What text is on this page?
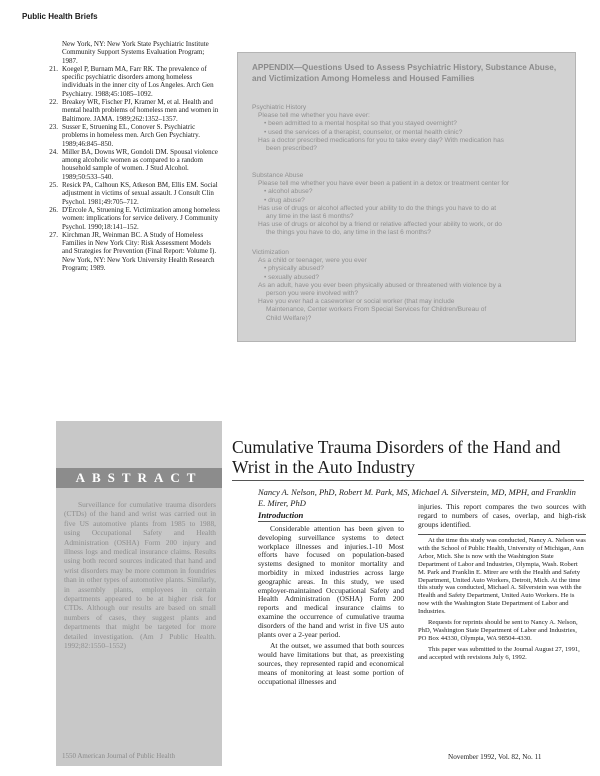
Public Health Briefs
New York, NY: New York State Psychiatric Institute Community Support Systems Evaluation Program; 1987.
21. Koegel P, Burnam MA, Farr RK. The prevalence of specific psychiatric disorders among homeless individuals in the inner city of Los Angeles. Arch Gen Psychiatry. 1988;45:1085–1092.
22. Breakey WR, Fischer PJ, Kramer M, et al. Health and mental health problems of homeless men and women in Baltimore. JAMA. 1989;262:1352–1357.
23. Susser E, Struening EL, Conover S. Psychiatric problems in homeless men. Arch Gen Psychiatry. 1989;46:845–850.
24. Miller BA, Downs WR, Gondoli DM. Spousal violence among alcoholic women as compared to a random household sample of women. J Stud Alcohol. 1989;50:533–540.
25. Resick PA, Calhoun KS, Atkeson BM, Ellis EM. Social adjustment in victims of sexual assault. J Consult Clin Psychol. 1981;49:705–712.
26. D'Ercole A, Struening E. Victimization among homeless women: implications for service delivery. J Community Psychol. 1990;18:141–152.
27. Kirchman JR, Weinman BC. A Study of Homeless Families in New York City: Risk Assessment Models and Strategies for Prevention (Final Report: Volume I). New York, NY: New York University Health Research Program; 1989.
APPENDIX—Questions Used to Assess Psychiatric History, Substance Abuse, and Victimization Among Homeless and Housed Families
Psychiatric History
Please tell me whether you have ever:
• been admitted to a mental hospital so that you stayed overnight?
• used the services of a therapist, counselor, or mental health clinic?
Has a doctor prescribed medications for you to take every day? With medication has
been prescribed?
Substance Abuse
Please tell me whether you have ever been a patient in a detox or treatment center for
• alcohol abuse?
• drug abuse?
Has use of drugs or alcohol affected your ability to do the things you have to do at
any time in the last 6 months?
Has use of drugs or alcohol by a friend or relative affected your ability to work, or do
the things you have to do, any time in the last 6 months?
Victimization
As a child or teenager, were you ever
• physically abused?
• sexually abused?
As an adult, have you ever been physically abused or threatened with violence by a
person you were involved with?
Have you ever had a caseworker or social worker (that may include
Maintenance, Center workers From Special Services for Children/Bureau of
Child Welfare)?
ABSTRACT
Surveillance for cumulative trauma disorders (CTDs) of the hand and wrist was carried out in five US automotive plants from 1985 to 1988, using Occupational Safety and Health Administration (OSHA) Form 200 injury and illness logs and medical insurance claims. Results using both record sources indicated that hand and wrist disorders may be more common in foundries than in other types of automotive plants. Similarly, in assembly plants, employees in certain departments appeared to be at higher risk for CTDs. Although our results are based on small numbers of cases, they suggest plants and departments that might be targeted for more detailed investigation. (Am J Public Health. 1992;82:1550–1552)
1550 American Journal of Public Health
Cumulative Trauma Disorders of the Hand and Wrist in the Auto Industry
Nancy A. Nelson, PhD, Robert M. Park, MS, Michael A. Silverstein, MD, MPH, and Franklin E. Mirer, PhD
Introduction

Considerable attention has been given to developing surveillance systems to detect workplace illnesses and injuries.1-10 Most efforts have focused on population-based systems designed to monitor mortality and morbidity in mixed industries across large geographic areas. In this study, we used employer-maintained Occupational Safety and Health Administration (OSHA) Form 200 reports and medical insurance claims to examine the occurrence of cumulative trauma disorders of the hand and wrist in five US auto plants over a 2-year period.

At the outset, we assumed that both sources would have limitations but that, as preexisting sources, they represented rapid and economical means of monitoring at least some portion of occupational illnesses and

injuries. This report compares the two sources with regard to numbers of cases, overlap, and high-risk groups identified.

At the time this study was conducted, Nancy A. Nelson was with the School of Public Health, University of Michigan, Ann Arbor, Mich. She is now with the Washington State Department of Labor and Industries, Olympia, Wash. Robert M. Park and Franklin E. Mirer are with the Health and Safety Department, United Auto Workers, Detroit, Mich. At the time this study was conducted, Michael A. Silverstein was with the Health and Safety Department, United Auto Workers. He is now with the Washington State Department of Labor and Industries.

Requests for reprints should be sent to Nancy A. Nelson, PhD, Washington State Department of Labor and Industries, PO Box 44330, Olympia, WA 98504-4330.

This paper was submitted to the Journal August 27, 1991, and accepted with revisions July 6, 1992.

November 1992, Vol. 82, No. 11
